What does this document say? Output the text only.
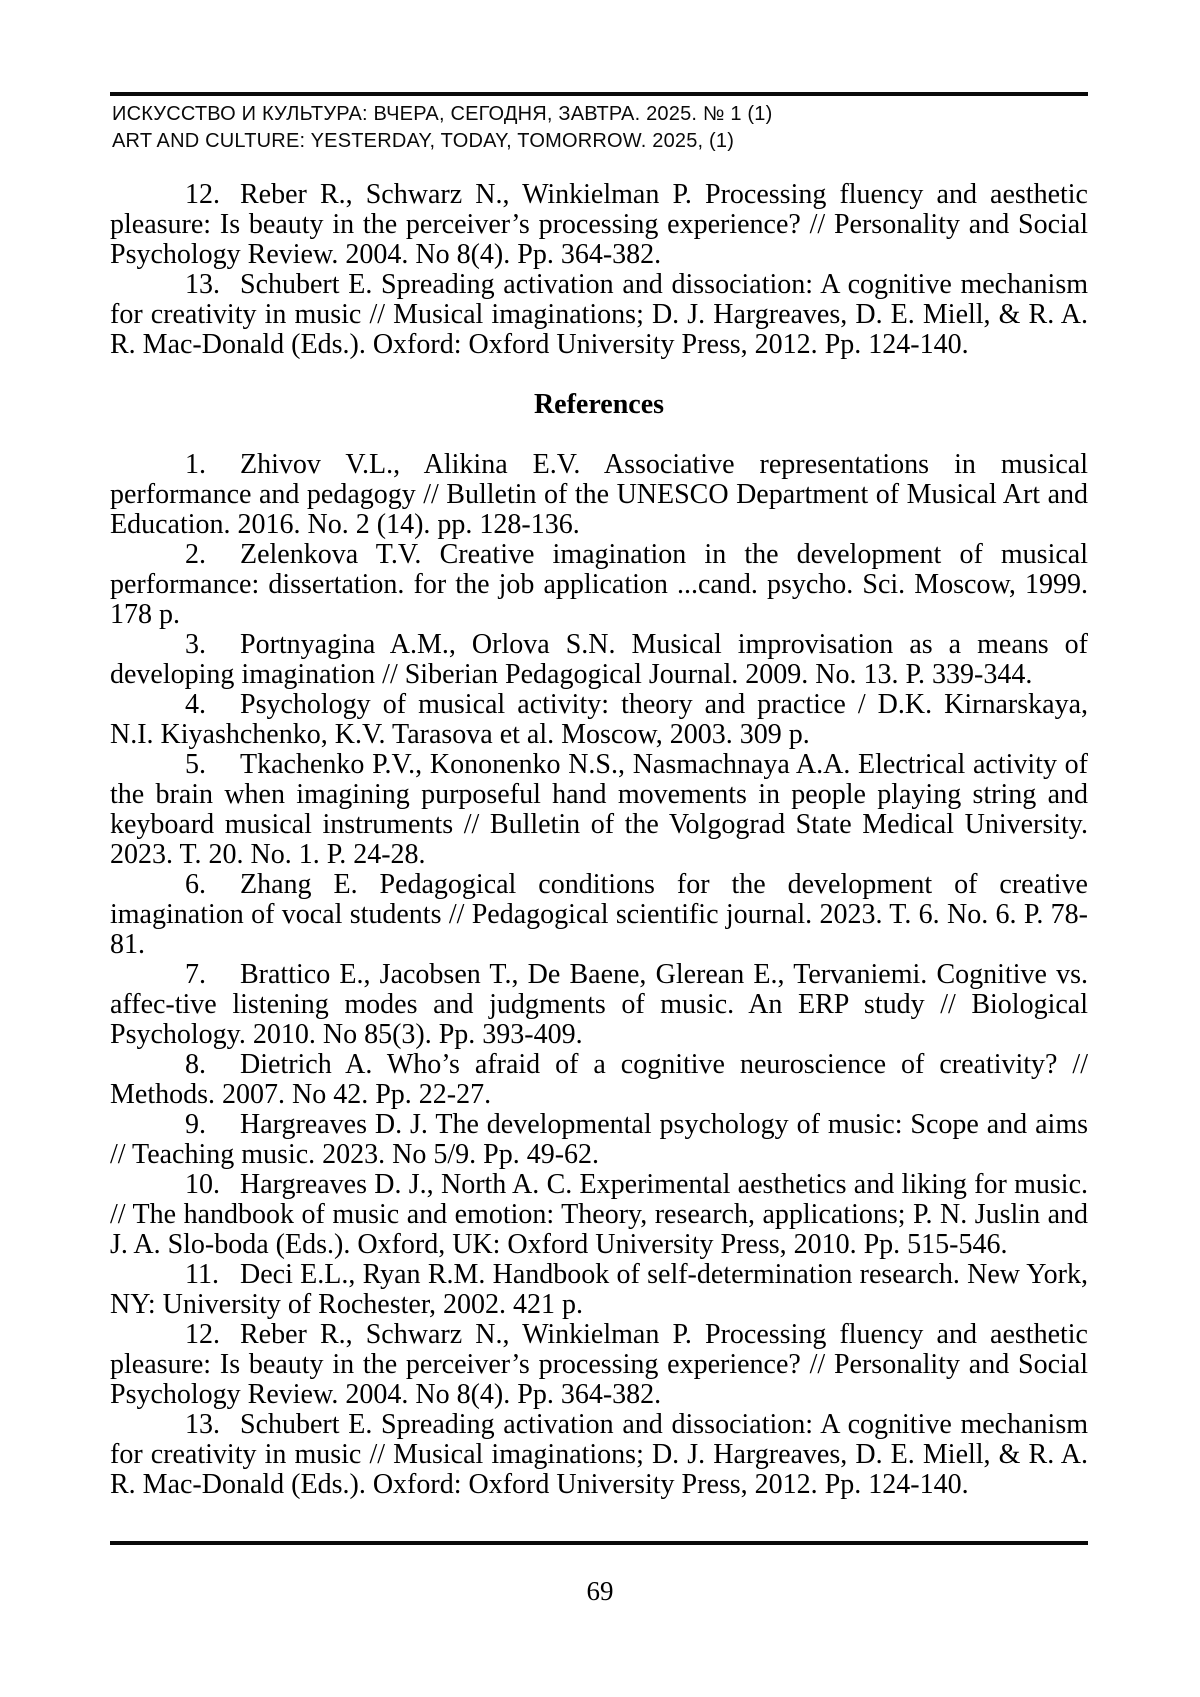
ИСКУССТВО И КУЛЬТУРА: ВЧЕРА, СЕГОДНЯ, ЗАВТРА. 2025. № 1 (1)
ART AND CULTURE: YESTERDAY, TODAY, TOMORROW. 2025, (1)

12. Reber R., Schwarz N., Winkielman P. Processing fluency and aesthetic pleasure: Is beauty in the perceiver’s processing experience? // Personality and Social Psychology Review. 2004. No 8(4). Pp. 364-382.

13. Schubert E. Spreading activation and dissociation: A cognitive mechanism for creativity in music // Musical imaginations; D. J. Hargreaves, D. E. Miell, & R. A. R. Mac-Donald (Eds.). Oxford: Oxford University Press, 2012. Pp. 124-140.

References

1. Zhivov V.L., Alikina E.V. Associative representations in musical performance and pedagogy // Bulletin of the UNESCO Department of Musical Art and Education. 2016. No. 2 (14). pp. 128-136.

2. Zelenkova T.V. Creative imagination in the development of musical performance: dissertation. for the job application ...cand. psycho. Sci. Moscow, 1999. 178 p.

3. Portnyagina A.M., Orlova S.N. Musical improvisation as a means of developing imagination // Siberian Pedagogical Journal. 2009. No. 13. P. 339-344.

4. Psychology of musical activity: theory and practice / D.K. Kirnarskaya, N.I. Kiyashchenko, K.V. Tarasova et al. Moscow, 2003. 309 p.

5. Tkachenko P.V., Kononenko N.S., Nasmachnaya A.A. Electrical activity of the brain when imagining purposeful hand movements in people playing string and keyboard musical instruments // Bulletin of the Volgograd State Medical University. 2023. T. 20. No. 1. P. 24-28.

6. Zhang E. Pedagogical conditions for the development of creative imagination of vocal students // Pedagogical scientific journal. 2023. T. 6. No. 6. P. 78-81.

7. Brattico E., Jacobsen T., De Baene, Glerean E., Tervaniemi. Cognitive vs. affec-tive listening modes and judgments of music. An ERP study // Biological Psychology. 2010. No 85(3). Pp. 393-409.

8. Dietrich A. Who’s afraid of a cognitive neuroscience of creativity? // Methods. 2007. No 42. Pp. 22-27.

9. Hargreaves D. J. The developmental psychology of music: Scope and aims // Teaching music. 2023. No 5/9. Pp. 49-62.

10. Hargreaves D. J., North A. C. Experimental aesthetics and liking for music. // The handbook of music and emotion: Theory, research, applications; P. N. Juslin and J. A. Slo-boda (Eds.). Oxford, UK: Oxford University Press, 2010. Pp. 515-546.

11. Deci E.L., Ryan R.M. Handbook of self-determination research. New York, NY: University of Rochester, 2002. 421 p.

12. Reber R., Schwarz N., Winkielman P. Processing fluency and aesthetic pleasure: Is beauty in the perceiver’s processing experience? // Personality and Social Psychology Review. 2004. No 8(4). Pp. 364-382.

13. Schubert E. Spreading activation and dissociation: A cognitive mechanism for creativity in music // Musical imaginations; D. J. Hargreaves, D. E. Miell, & R. A. R. Mac-Donald (Eds.). Oxford: Oxford University Press, 2012. Pp. 124-140.

69
